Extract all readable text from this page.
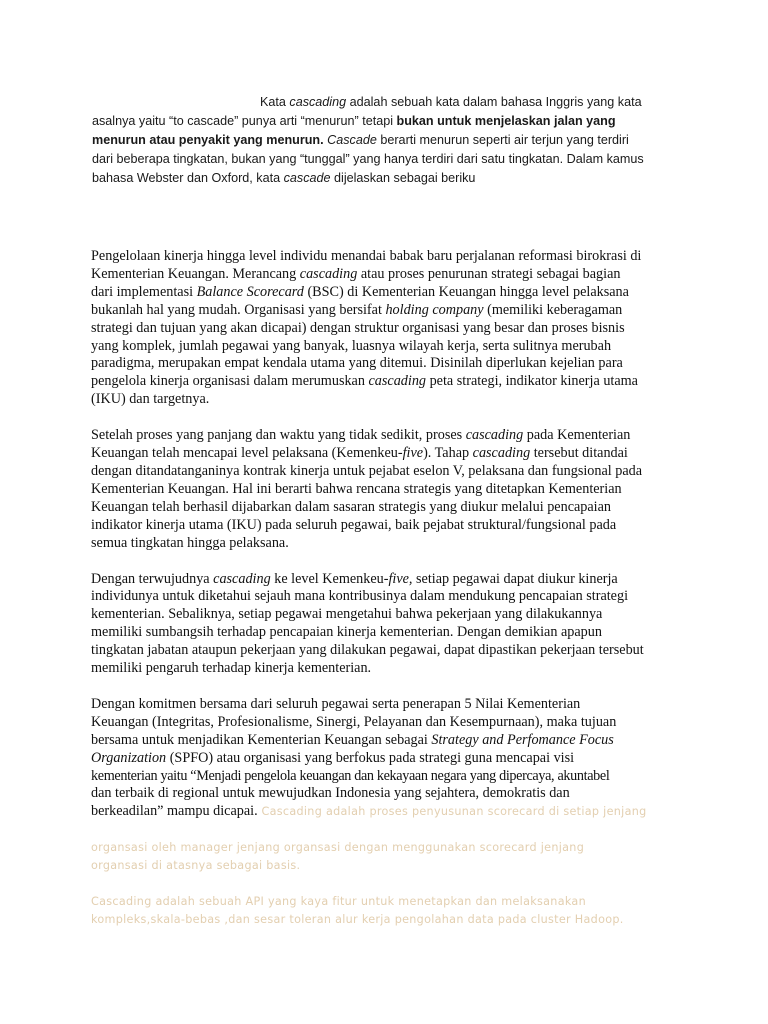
Kata cascading adalah sebuah kata dalam bahasa Inggris yang kata
asalnya yaitu “to cascade” punya arti “menurun” tetapi bukan untuk menjelaskan jalan yang
menurun atau penyakit yang menurun. Cascade berarti menurun seperti air terjun yang terdiri
dari beberapa tingkatan, bukan yang “tunggal” yang hanya terdiri dari satu tingkatan. Dalam kamus
bahasa Webster dan Oxford, kata cascade dijelaskan sebagai beriku

Pengelolaan kinerja hingga level individu menandai babak baru perjalanan reformasi birokrasi di
Kementerian Keuangan. Merancang cascading atau proses penurunan strategi sebagai bagian
dari implementasi Balance Scorecard (BSC) di Kementerian Keuangan hingga level pelaksana
bukanlah hal yang mudah. Organisasi yang bersifat holding company (memiliki keberagaman
strategi dan tujuan yang akan dicapai) dengan struktur organisasi yang besar dan proses bisnis
yang komplek, jumlah pegawai yang banyak, luasnya wilayah kerja, serta sulitnya merubah
paradigma, merupakan empat kendala utama yang ditemui. Disinilah diperlukan kejelian para
pengelola kinerja organisasi dalam merumuskan cascading peta strategi, indikator kinerja utama
(IKU) dan targetnya.

Setelah proses yang panjang dan waktu yang tidak sedikit, proses cascading pada Kementerian
Keuangan telah mencapai level pelaksana (Kemenkeu-five). Tahap cascading tersebut ditandai
dengan ditandatanganinya kontrak kinerja untuk pejabat eselon V, pelaksana dan fungsional pada
Kementerian Keuangan. Hal ini berarti bahwa rencana strategis yang ditetapkan Kementerian
Keuangan telah berhasil dijabarkan dalam sasaran strategis yang diukur melalui pencapaian
indikator kinerja utama (IKU) pada seluruh pegawai, baik pejabat struktural/fungsional pada
semua tingkatan hingga pelaksana.

Dengan terwujudnya cascading ke level Kemenkeu-five, setiap pegawai dapat diukur kinerja
individunya untuk diketahui sejauh mana kontribusinya dalam mendukung pencapaian strategi
kementerian. Sebaliknya, setiap pegawai mengetahui bahwa pekerjaan yang dilakukannya
memiliki sumbangsih terhadap pencapaian kinerja kementerian. Dengan demikian apapun
tingkatan jabatan ataupun pekerjaan yang dilakukan pegawai, dapat dipastikan pekerjaan tersebut
memiliki pengaruh terhadap kinerja kementerian.

Dengan komitmen bersama dari seluruh pegawai serta penerapan 5 Nilai Kementerian
Keuangan (Integritas, Profesionalisme, Sinergi, Pelayanan dan Kesempurnaan), maka tujuan
bersama untuk menjadikan Kementerian Keuangan sebagai Strategy and Perfomance Focus
Organization (SPFO) atau organisasi yang berfokus pada strategi guna mencapai visi
kementerian yaitu “Menjadi pengelola keuangan dan kekayaan negara yang dipercaya, akuntabel
dan terbaik di regional untuk mewujudkan Indonesia yang sejahtera, demokratis dan
berkeadilan” mampu dicapai. Cascading adalah proses penyusunan scorecard di setiap jenjang

organsasi oleh manager jenjang organsasi dengan menggunakan scorecard jenjang
organsasi di atasnya sebagai basis.
Cascading adalah sebuah API yang kaya fitur untuk menetapkan dan melaksanakan
kompleks,skala-bebas ,dan sesar toleran alur kerja pengolahan data pada cluster Hadoop.
